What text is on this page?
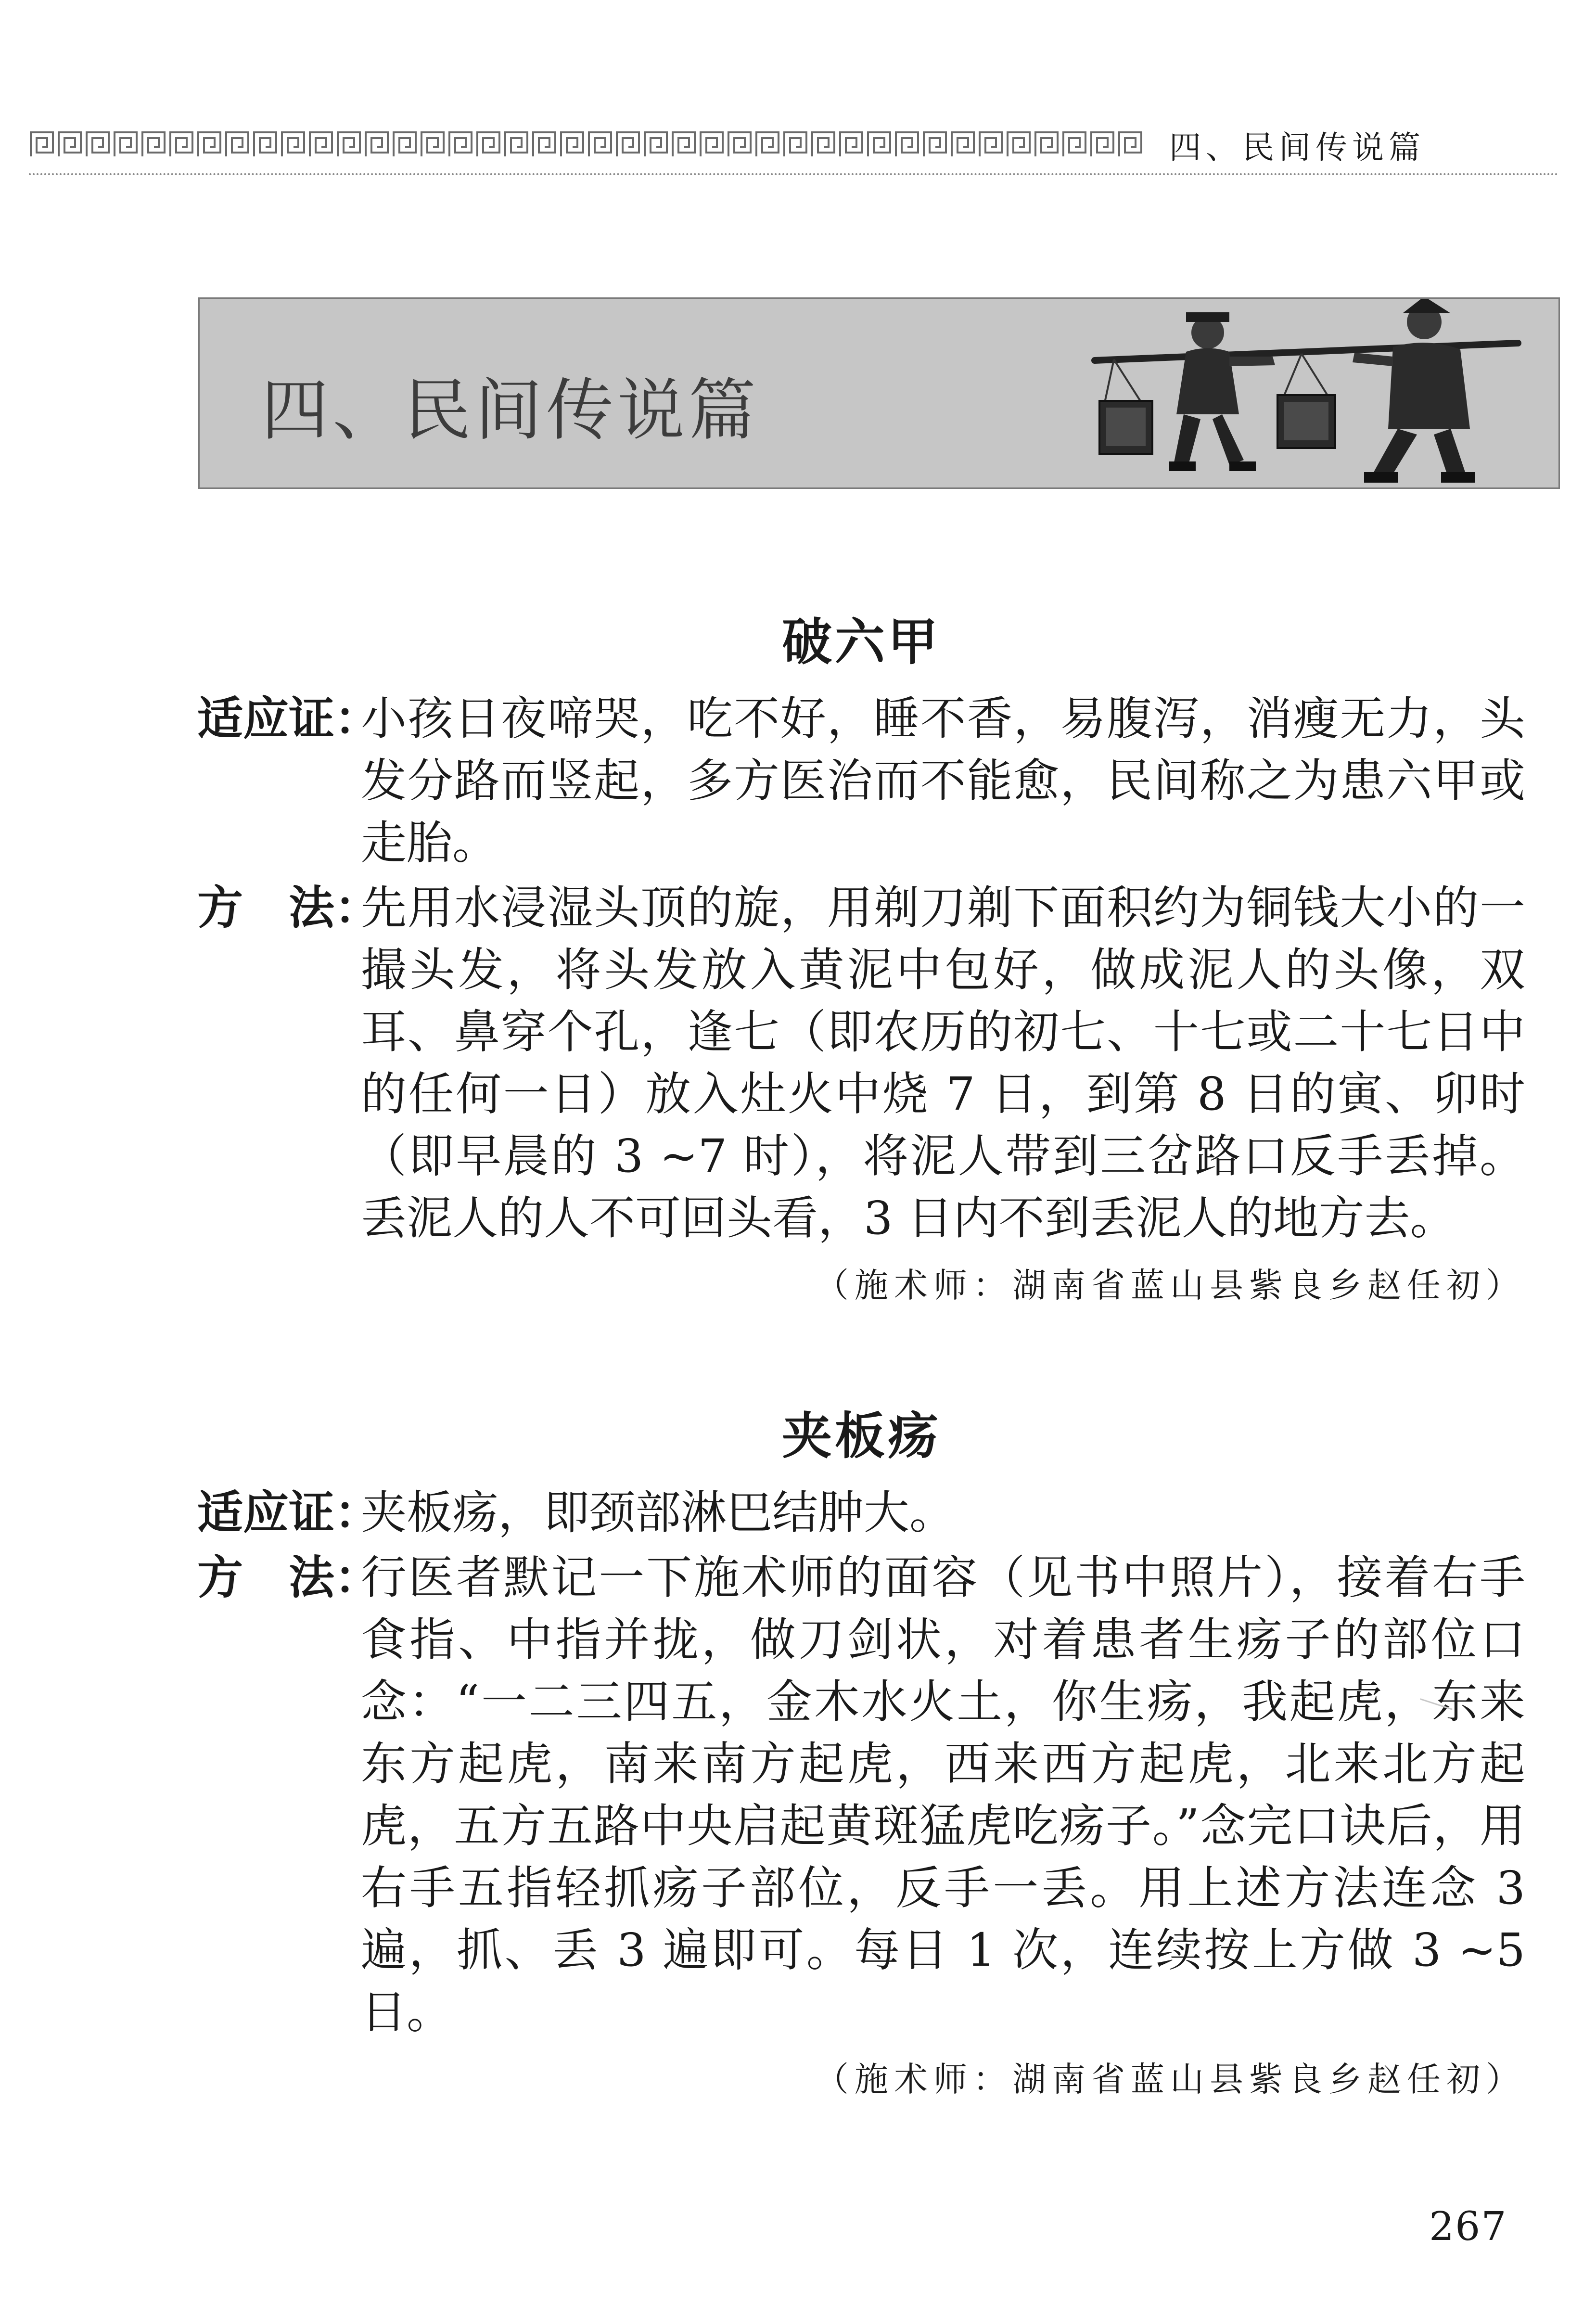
四、民间传说篇
四、民间传说篇
破六甲
适应证：
小孩日夜啼哭，吃不好，睡不香，易腹泻，消瘦无力，头发分路而竖起，多方医治而不能愈，民间称之为患六甲或走胎。
方　法：
先用水浸湿头顶的旋，用剃刀剃下面积约为铜钱大小的一撮头发，将头发放入黄泥中包好，做成泥人的头像，双耳、鼻穿个孔，逢七（即农历的初七、十七或二十七日中的任何一日）放入灶火中烧 7 日，到第 8 日的寅、卯时（即早晨的 3 ~7 时），将泥人带到三岔路口反手丢掉。丢泥人的人不可回头看，3 日内不到丢泥人的地方去。
（施术师：湖南省蓝山县紫良乡赵任初）
夹板疡
适应证：
夹板疡，即颈部淋巴结肿大。
方　法：
行医者默记一下施术师的面容（见书中照片），接着右手食指、中指并拢，做刀剑状，对着患者生疡子的部位口念：“一二三四五，金木水火土，你生疡，我起虎，东来东方起虎，南来南方起虎，西来西方起虎，北来北方起虎，五方五路中央启起黄斑猛虎吃疡子。”念完口诀后，用右手五指轻抓疡子部位，反手一丢。用上述方法连念 3 遍，抓、丢 3 遍即可。每日 1 次，连续按上方做 3 ~5 日。
（施术师：湖南省蓝山县紫良乡赵任初）
267
